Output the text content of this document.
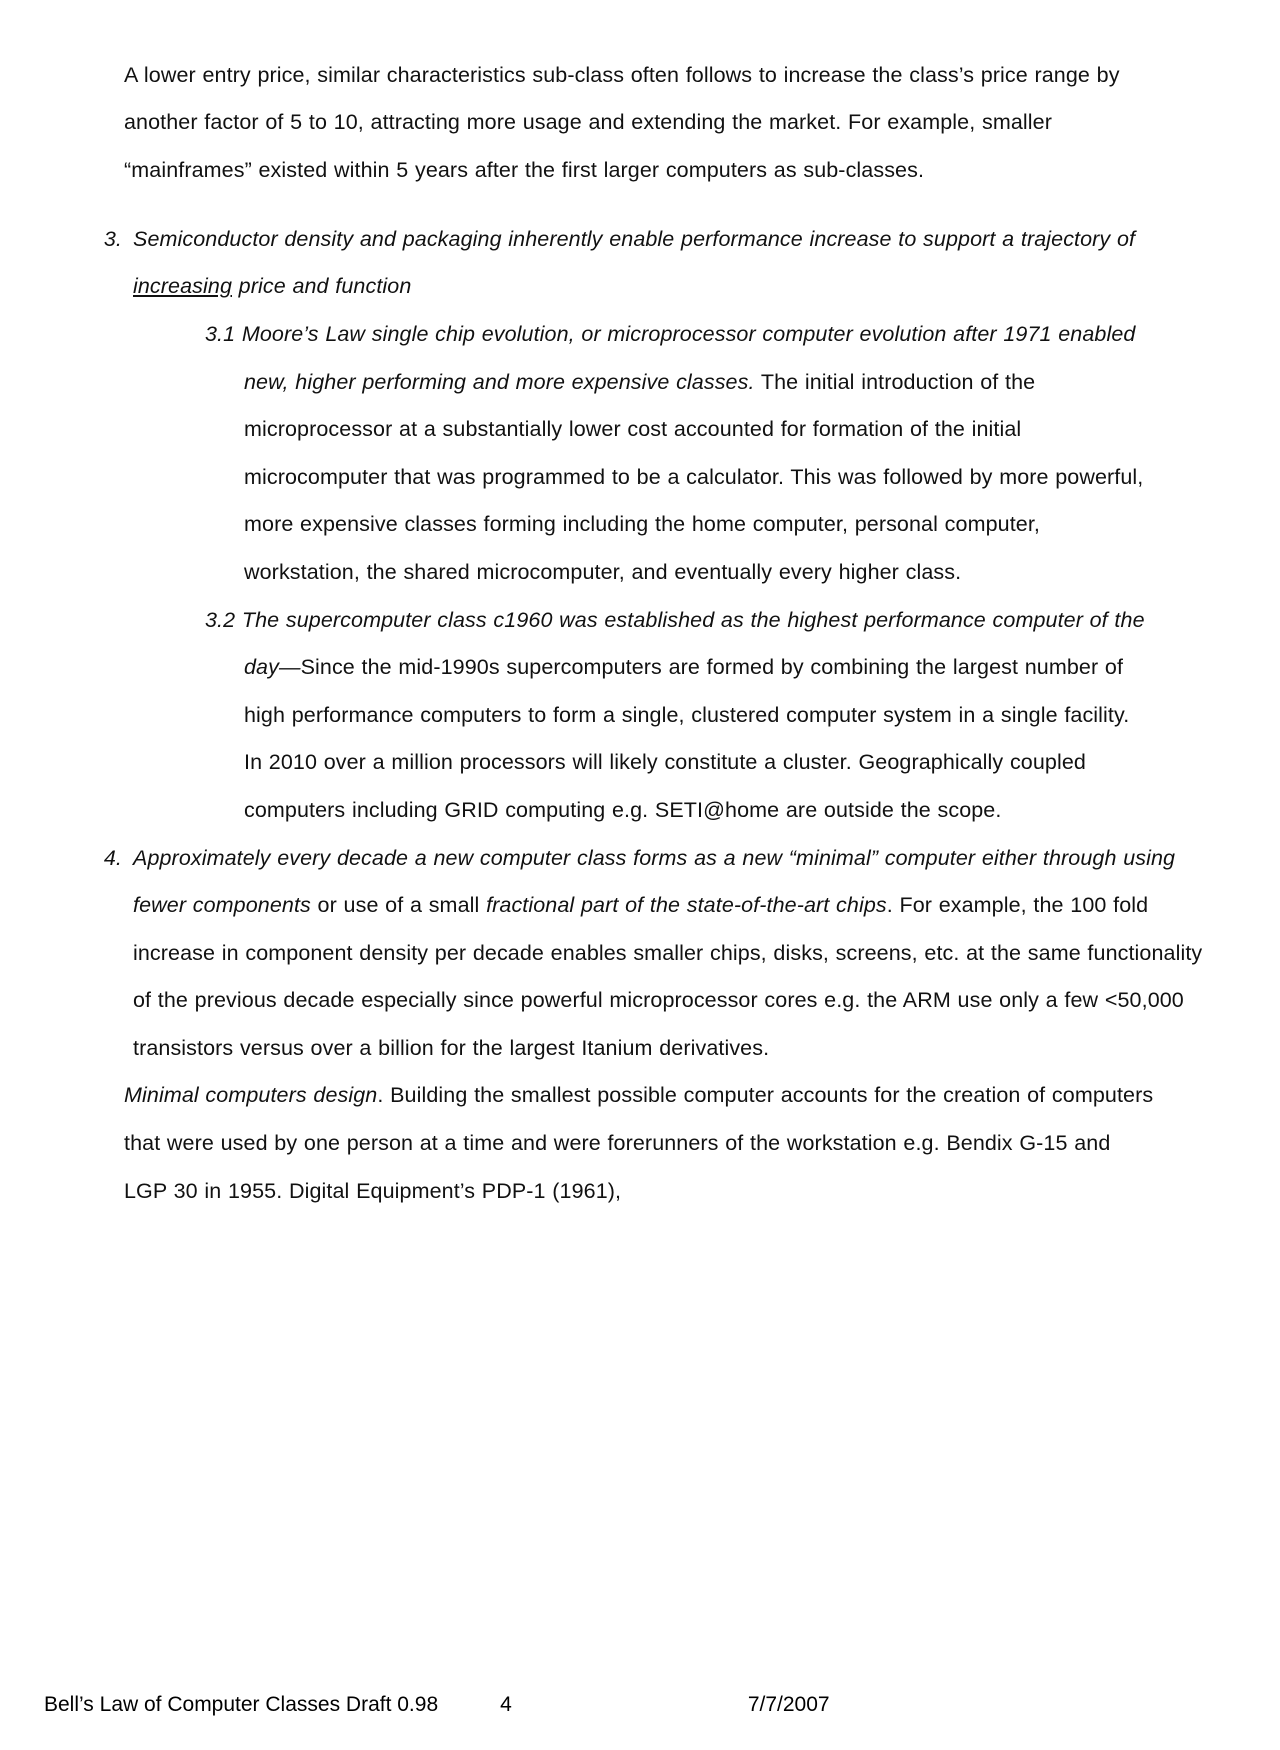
A lower entry price, similar characteristics sub-class often follows to increase the class’s price range by another factor of 5 to 10, attracting more usage and extending the market. For example, smaller “mainframes” existed within 5 years after the first larger computers as sub-classes.

3. Semiconductor density and packaging inherently enable performance increase to support a trajectory of increasing price and function
3.1 Moore’s Law single chip evolution, or microprocessor computer evolution after 1971 enabled new, higher performing and more expensive classes. The initial introduction of the microprocessor at a substantially lower cost accounted for formation of the initial microcomputer that was programmed to be a calculator. This was followed by more powerful, more expensive classes forming including the home computer, personal computer, workstation, the shared microcomputer, and eventually every higher class.
3.2 The supercomputer class c1960 was established as the highest performance computer of the day—Since the mid-1990s supercomputers are formed by combining the largest number of high performance computers to form a single, clustered computer system in a single facility. In 2010 over a million processors will likely constitute a cluster. Geographically coupled computers including GRID computing e.g. SETI@home are outside the scope.
4. Approximately every decade a new computer class forms as a new “minimal” computer either through using fewer components or use of a small fractional part of the state-of-the-art chips. For example, the 100 fold increase in component density per decade enables smaller chips, disks, screens, etc. at the same functionality of the previous decade especially since powerful microprocessor cores e.g. the ARM use only a few <50,000 transistors versus over a billion for the largest Itanium derivatives.
Minimal computers design. Building the smallest possible computer accounts for the creation of computers that were used by one person at a time and were forerunners of the workstation e.g. Bendix G-15 and LGP 30 in 1955. Digital Equipment’s PDP-1 (1961),
Bell’s Law of Computer Classes Draft 0.98	4	7/7/2007
